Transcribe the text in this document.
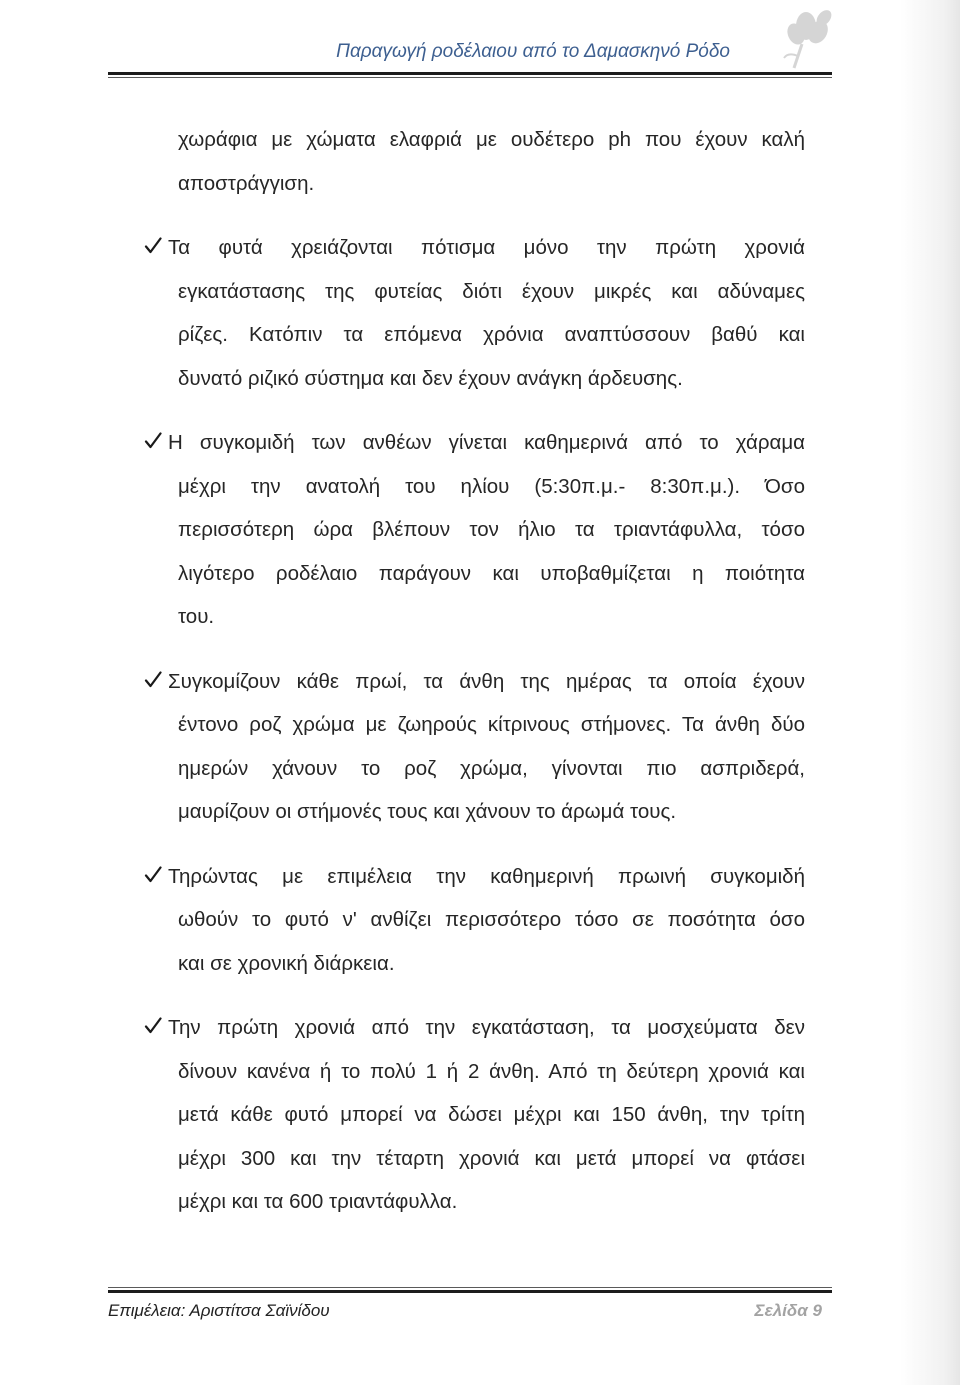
Παραγωγή ροδέλαιου από το Δαμασκηνό Ρόδο
χωράφια με χώματα ελαφριά με ουδέτερο ph που έχουν καλή
αποστράγγιση.
Τα φυτά χρειάζονται πότισμα μόνο την πρώτη χρονιά
εγκατάστασης της φυτείας διότι έχουν μικρές και αδύναμες
ρίζες. Κατόπιν τα επόμενα χρόνια αναπτύσσουν βαθύ και
δυνατό ριζικό σύστημα και δεν έχουν ανάγκη άρδευσης.
Η συγκομιδή των ανθέων γίνεται καθημερινά από το χάραμα
μέχρι την ανατολή του ηλίου (5:30π.μ.- 8:30π.μ.). Όσο
περισσότερη ώρα βλέπουν τον ήλιο τα τριαντάφυλλα, τόσο
λιγότερο ροδέλαιο παράγουν και υποβαθμίζεται η ποιότητα
του.
Συγκομίζουν κάθε πρωί, τα άνθη της ημέρας τα οποία έχουν
έντονο ροζ χρώμα με ζωηρούς κίτρινους στήμονες. Τα άνθη δύο
ημερών χάνουν το ροζ χρώμα, γίνονται πιο ασπριδερά,
μαυρίζουν οι στήμονές τους και χάνουν το άρωμά τους.
Τηρώντας με επιμέλεια την καθημερινή πρωινή συγκομιδή
ωθούν το φυτό ν' ανθίζει περισσότερο τόσο σε ποσότητα όσο
και σε χρονική διάρκεια.
Την πρώτη χρονιά από την εγκατάσταση, τα μοσχεύματα δεν
δίνουν κανένα ή το πολύ 1 ή 2 άνθη. Από τη δεύτερη χρονιά και
μετά κάθε φυτό μπορεί να δώσει μέχρι και 150 άνθη, την τρίτη
μέχρι 300 και την τέταρτη χρονιά και μετά μπορεί να φτάσει
μέχρι και τα 600 τριαντάφυλλα.
Επιμέλεια: Αριστίτσα Σαϊνίδου	Σελίδα 9
